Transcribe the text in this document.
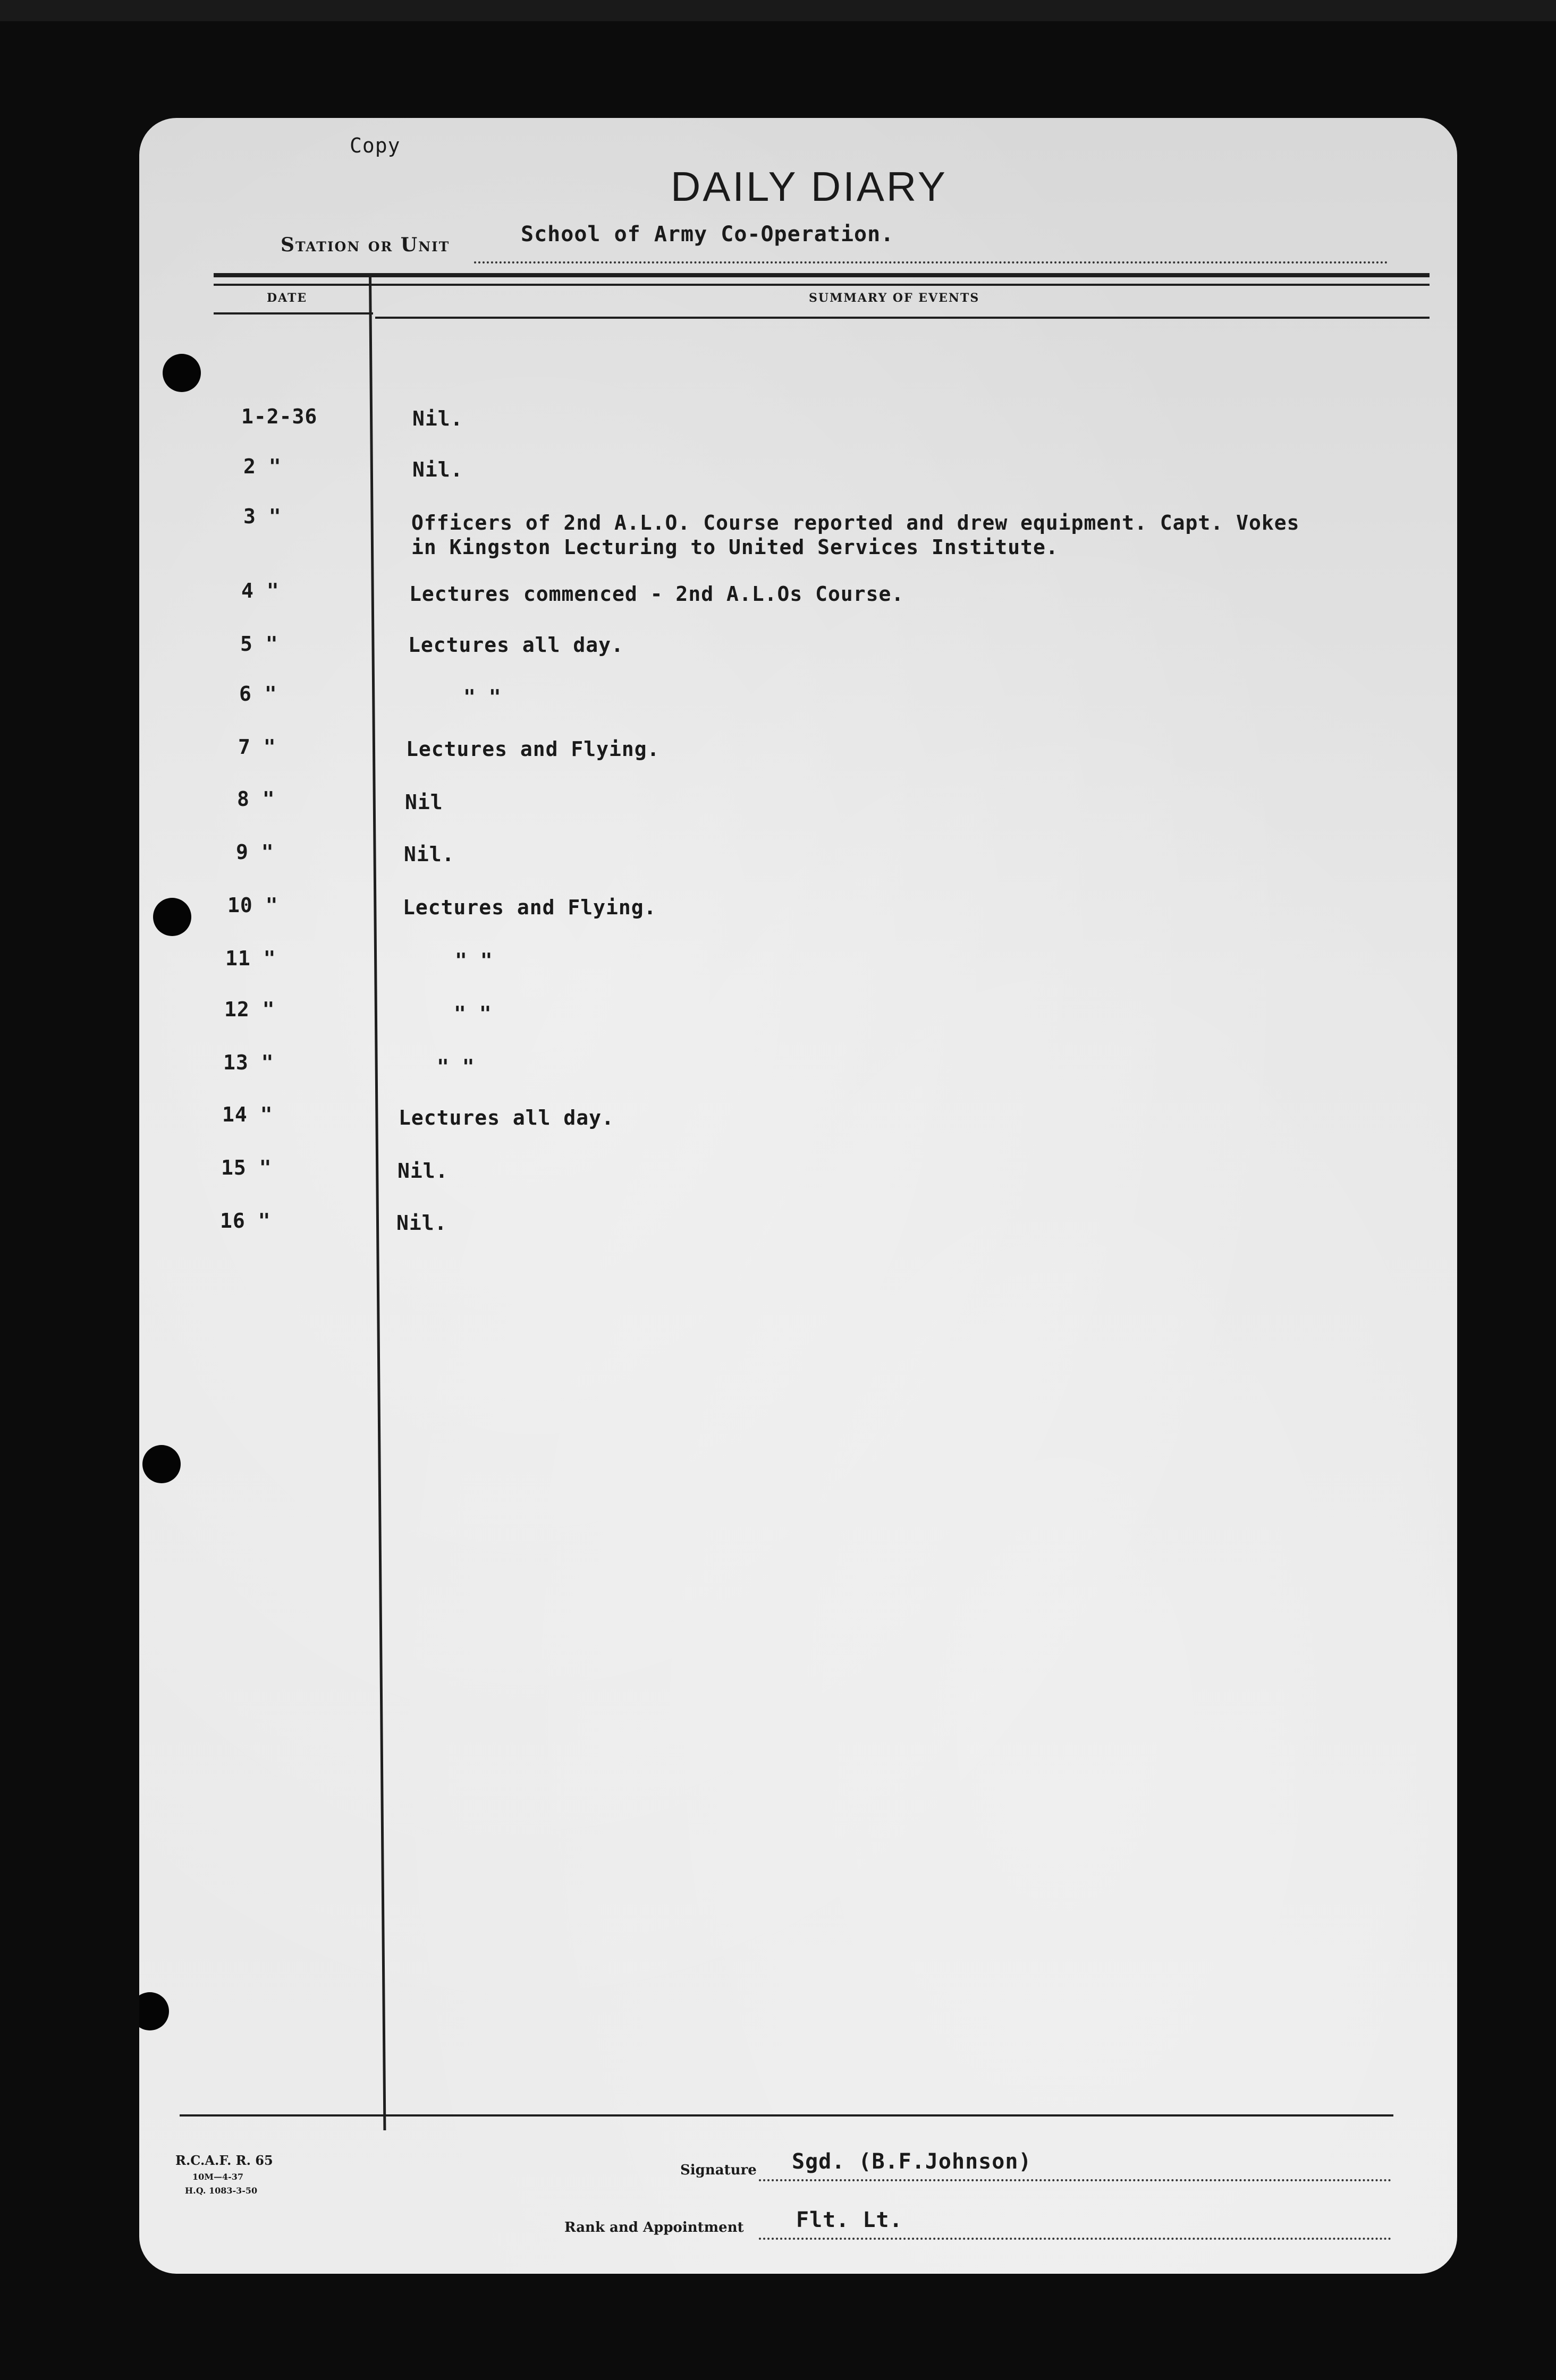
Copy
DAILY DIARY
Station or Unit	School of Army Co-Operation.
DATE	SUMMARY OF EVENTS
1-2-36	Nil.
2 "	Nil.
3 "	Officers of 2nd A.L.O. Course reported and drew equipment. Capt. Vokes
in Kingston Lecturing to United Services Institute.
4 "	Lectures commenced - 2nd A.L.Os Course.
5 "	Lectures all day.
6 "	" "
7 "	Lectures and Flying.
8 "	Nil
9 "	Nil.
10 "	Lectures and Flying.
11 "	" "
12 "	" "
13 "	" "
14 "	Lectures all day.
15 "	Nil.
16 "	Nil.
R.C.A.F. R. 65
10M—4-37
H.Q. 1083-3-50
Signature Sgd. (B.F.Johnson)
Rank and Appointment Flt. Lt.
